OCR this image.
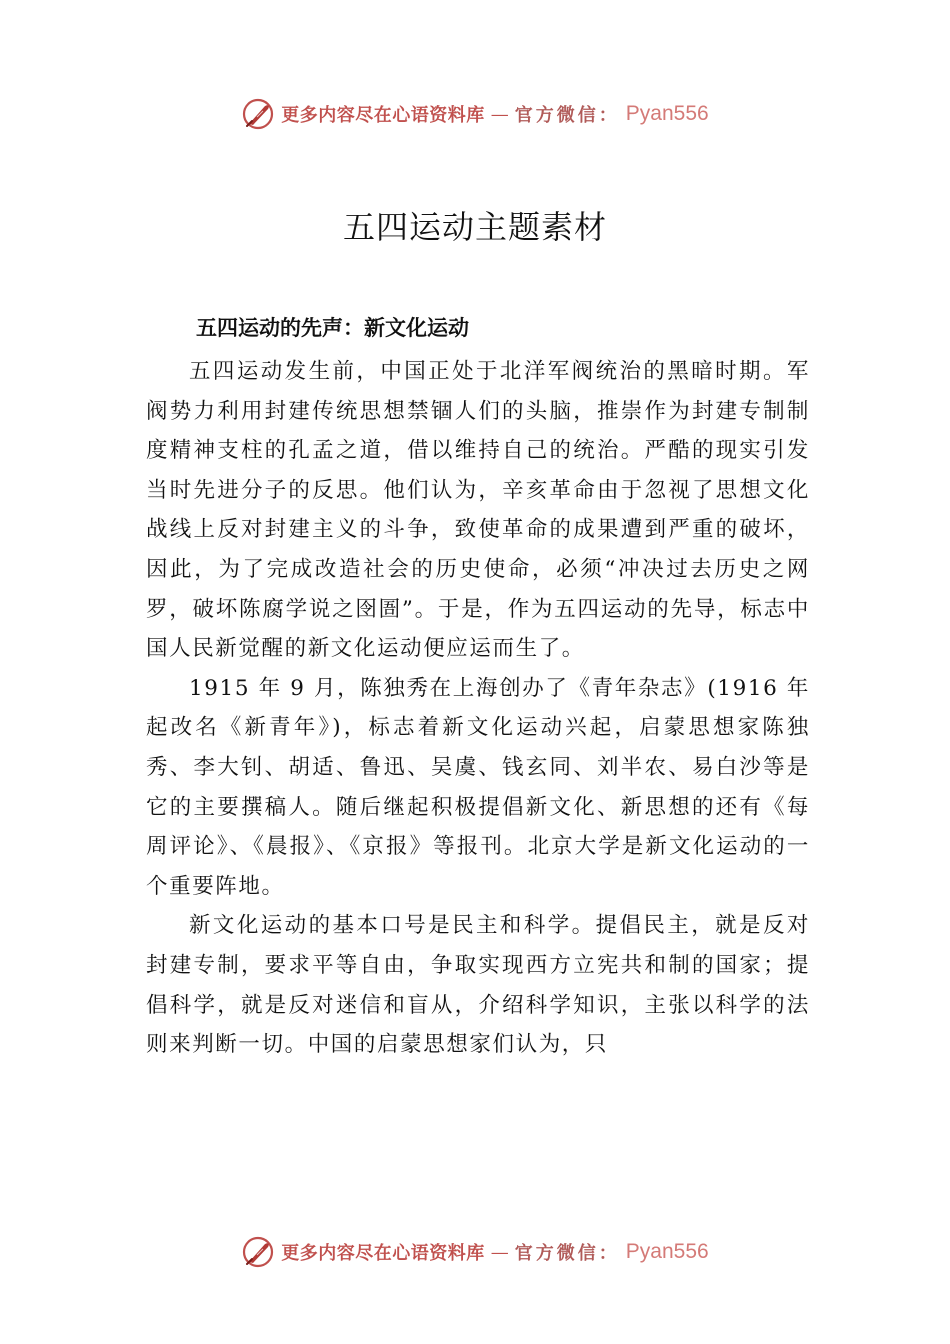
更多内容尽在心语资料库 — 官方微信： Pyan556
五四运动主题素材
五四运动的先声：新文化运动

五四运动发生前，中国正处于北洋军阀统治的黑暗时期。军阀势力利用封建传统思想禁锢人们的头脑，推崇作为封建专制制度精神支柱的孔孟之道，借以维持自己的统治。严酷的现实引发当时先进分子的反思。他们认为，辛亥革命由于忽视了思想文化战线上反对封建主义的斗争，致使革命的成果遭到严重的破坏，因此，为了完成改造社会的历史使命，必须“冲决过去历史之网罗，破坏陈腐学说之囹圄”。于是，作为五四运动的先导，标志中国人民新觉醒的新文化运动便应运而生了。

1915 年 9 月，陈独秀在上海创办了《青年杂志》(1916 年起改名《新青年》)，标志着新文化运动兴起，启蒙思想家陈独秀、李大钊、胡适、鲁迅、吴虞、钱玄同、刘半农、易白沙等是它的主要撰稿人。随后继起积极提倡新文化、新思想的还有《每周评论》、《晨报》、《京报》等报刊。北京大学是新文化运动的一个重要阵地。

新文化运动的基本口号是民主和科学。提倡民主，就是反对封建专制，要求平等自由，争取实现西方立宪共和制的国家；提倡科学，就是反对迷信和盲从，介绍科学知识，主张以科学的法则来判断一切。中国的启蒙思想家们认为，只

更多内容尽在心语资料库 — 官方微信： Pyan556
